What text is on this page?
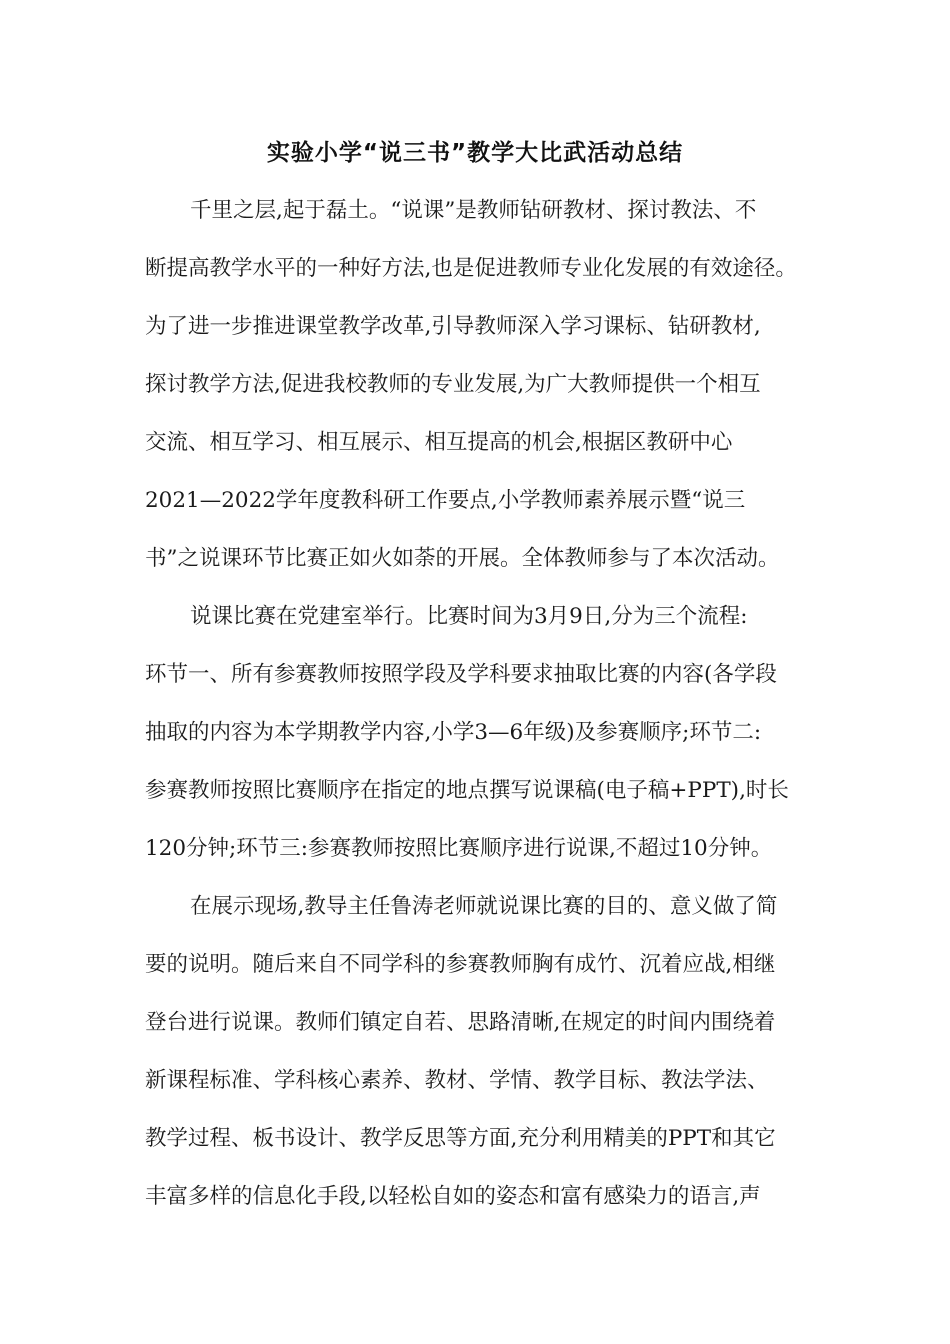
实验小学“说三书”教学大比武活动总结

千里之层,起于磊土。“说课”是教师钻研教材、探讨教法、不

断提高教学水平的一种好方法,也是促进教师专业化发展的有效途径。

为了进一步推进课堂教学改革,引导教师深入学习课标、钻研教材,

探讨教学方法,促进我校教师的专业发展,为广大教师提供一个相互

交流、相互学习、相互展示、相互提高的机会,根据区教研中心

2021—2022学年度教科研工作要点,小学教师素养展示暨“说三

书”之说课环节比赛正如火如荼的开展。全体教师参与了本次活动。

说课比赛在党建室举行。比赛时间为3月9日,分为三个流程:

环节一、所有参赛教师按照学段及学科要求抽取比赛的内容(各学段

抽取的内容为本学期教学内容,小学3—6年级)及参赛顺序;环节二:

参赛教师按照比赛顺序在指定的地点撰写说课稿(电子稿+PPT),时长

120分钟;环节三:参赛教师按照比赛顺序进行说课,不超过10分钟。

在展示现场,教导主任鲁涛老师就说课比赛的目的、意义做了简

要的说明。随后来自不同学科的参赛教师胸有成竹、沉着应战,相继

登台进行说课。教师们镇定自若、思路清晰,在规定的时间内围绕着

新课程标准、学科核心素养、教材、学情、教学目标、教法学法、

教学过程、板书设计、教学反思等方面,充分利用精美的PPT和其它

丰富多样的信息化手段,以轻松自如的姿态和富有感染力的语言,声
